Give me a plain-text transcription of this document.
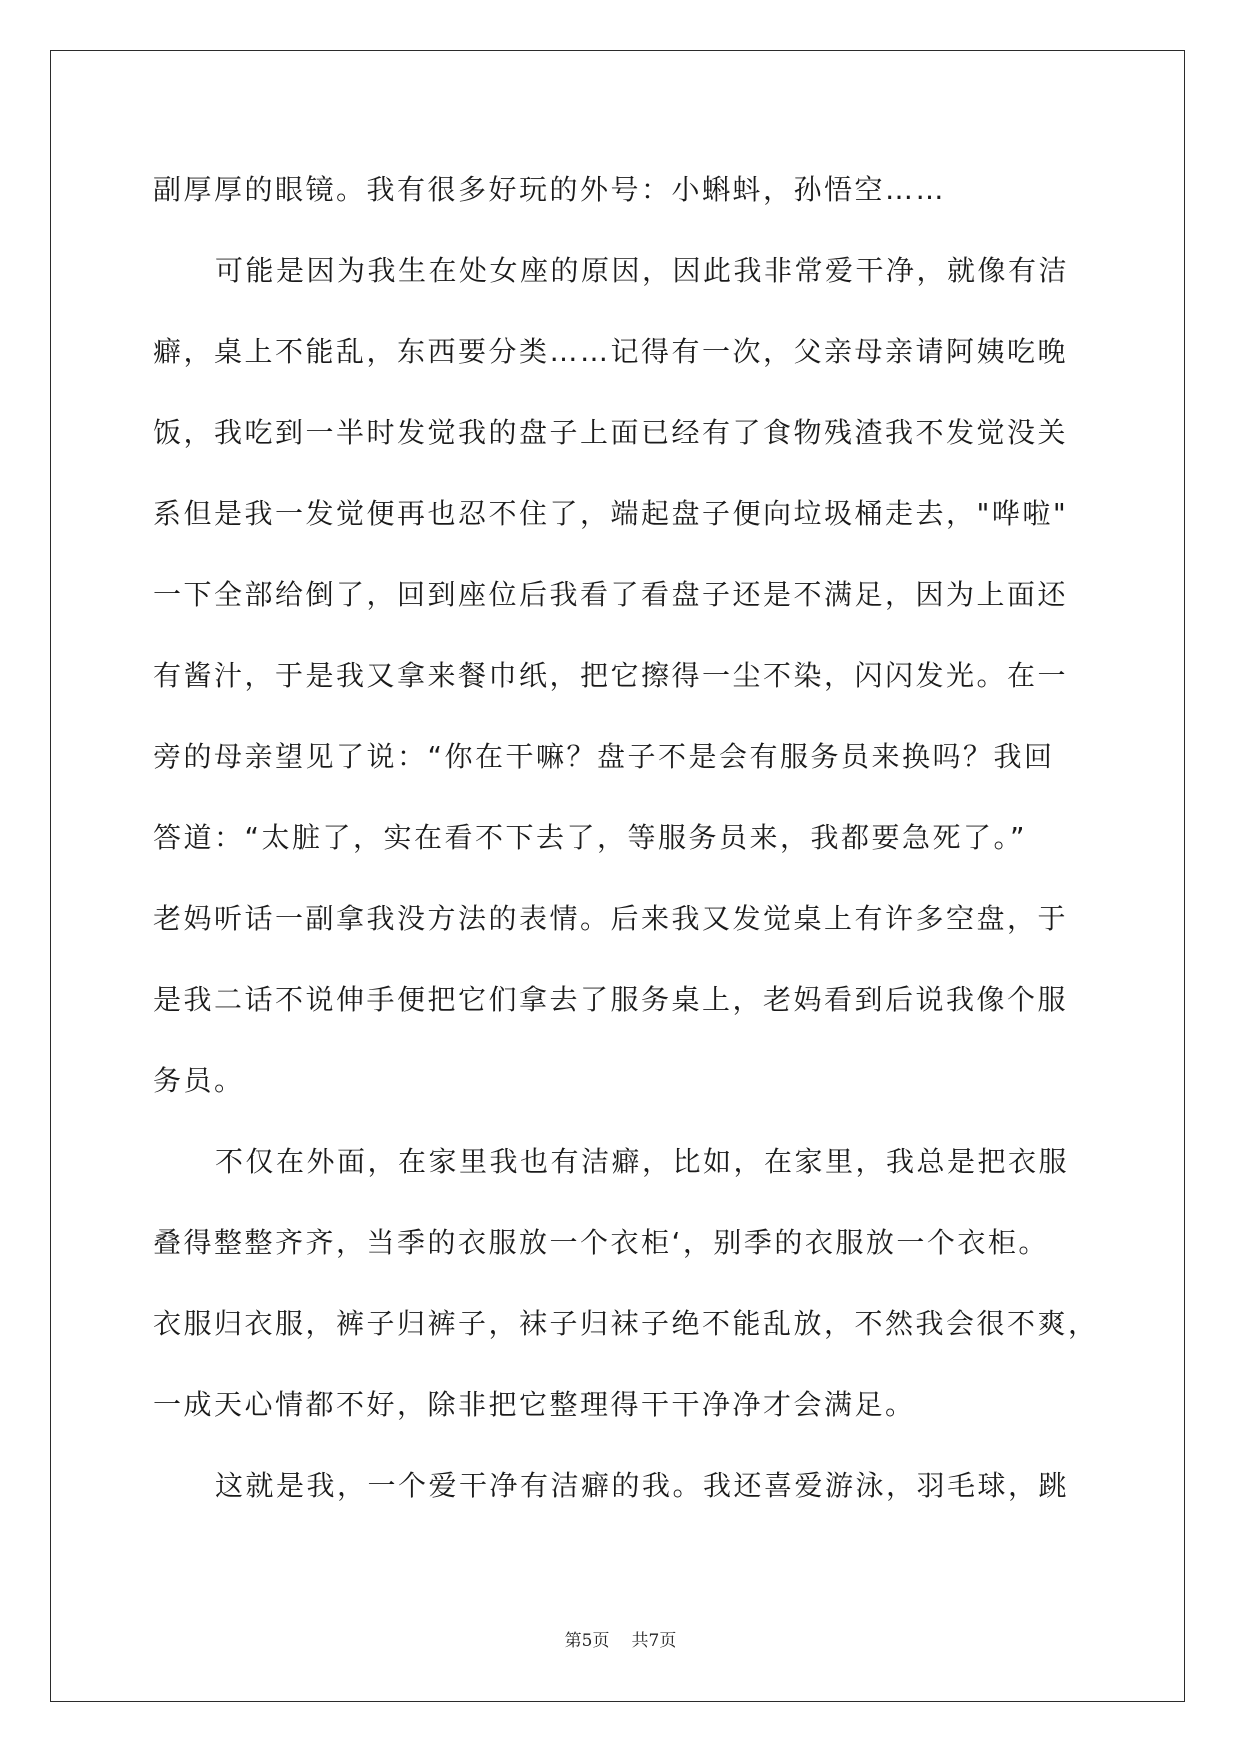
副厚厚的眼镜。我有很多好玩的外号：小蝌蚪，孙悟空……
可能是因为我生在处女座的原因，因此我非常爱干净，就像有洁
癖，桌上不能乱，东西要分类……记得有一次，父亲母亲请阿姨吃晚
饭，我吃到一半时发觉我的盘子上面已经有了食物残渣我不发觉没关
系但是我一发觉便再也忍不住了，端起盘子便向垃圾桶走去，"哗啦"
一下全部给倒了，回到座位后我看了看盘子还是不满足，因为上面还
有酱汁，于是我又拿来餐巾纸，把它擦得一尘不染，闪闪发光。在一
旁的母亲望见了说：“你在干嘛？盘子不是会有服务员来换吗？我回
答道：“太脏了，实在看不下去了，等服务员来，我都要急死了。”
老妈听话一副拿我没方法的表情。后来我又发觉桌上有许多空盘，于
是我二话不说伸手便把它们拿去了服务桌上，老妈看到后说我像个服
务员。
不仅在外面，在家里我也有洁癖，比如，在家里，我总是把衣服
叠得整整齐齐，当季的衣服放一个衣柜‘，别季的衣服放一个衣柜。
衣服归衣服，裤子归裤子，袜子归袜子绝不能乱放，不然我会很不爽，
一成天心情都不好，除非把它整理得干干净净才会满足。
这就是我，一个爱干净有洁癖的我。我还喜爱游泳，羽毛球，跳
第5页 共7页
